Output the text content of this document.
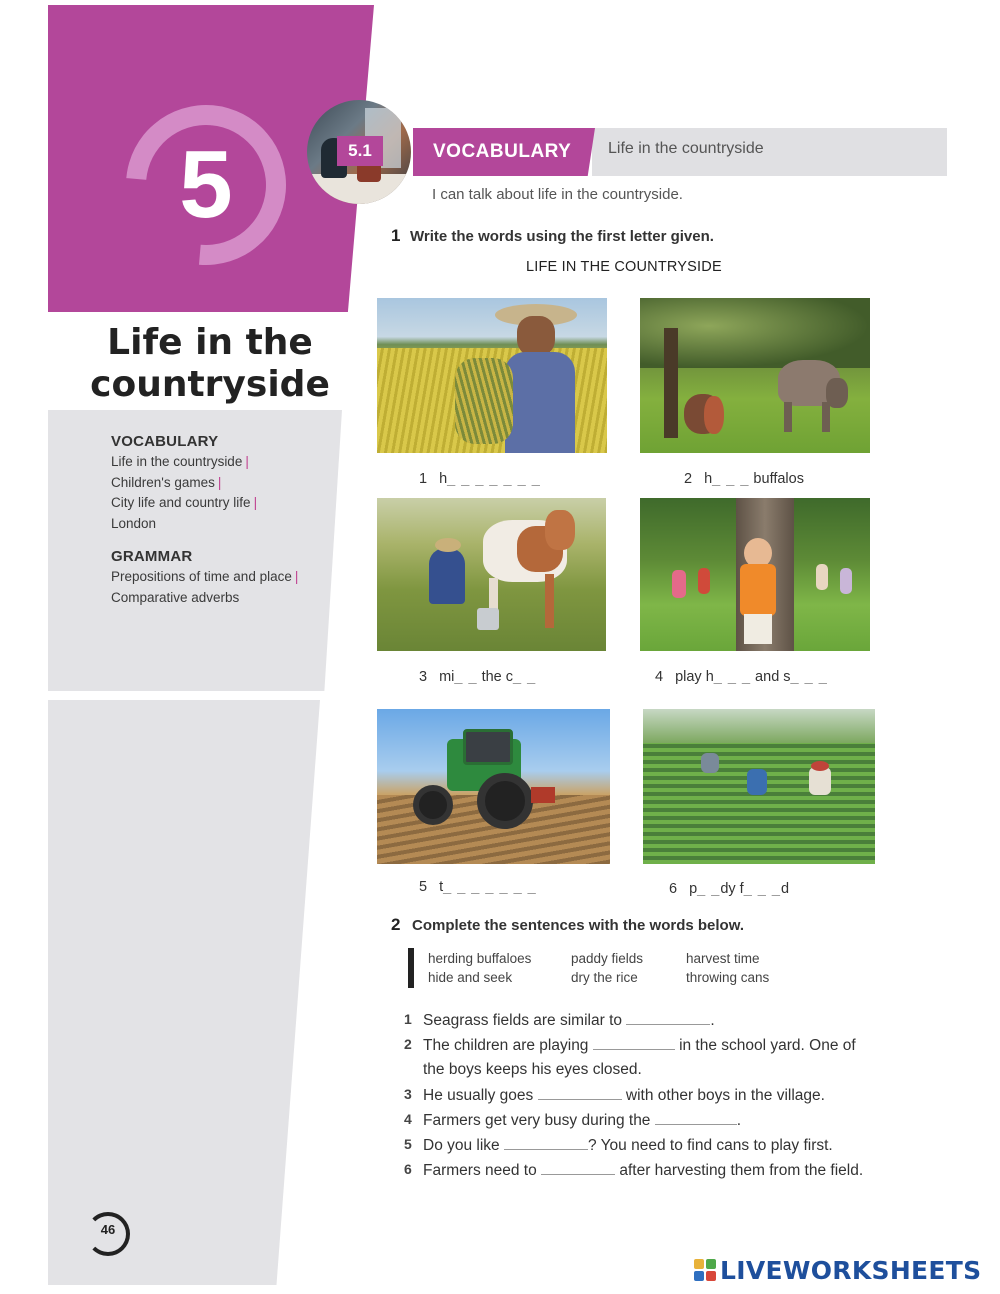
5
Life in the
countryside
VOCABULARY
Life in the countryside |
Children's games |
City life and country life |
London
GRAMMAR
Prepositions of time and place |
Comparative adverbs
46
5.1	VOCABULARY Life in the countryside
I can talk about life in the countryside.
1 Write the words using the first letter given.
LIFE IN THE COUNTRYSIDE
1 h_ _ _ _ _ _ _	2 h_ _ _ buffalos
3 mi_ _ the c_ _	4 play h_ _ _ and s_ _ _
5 t_ _ _ _ _ _ _	6 p_ _dy f_ _ _d
2 Complete the sentences with the words below.
herding buffaloes	paddy fields	harvest time
hide and seek	dry the rice	throwing cans
1 Seagrass fields are similar to	.
2 The children are playing	in the school yard. One of
the boys keeps his eyes closed.
3 He usually goes	with other boys in the village.
4 Farmers get very busy during the	.
5 Do you like	? You need to find cans to play first.
6 Farmers need to	after harvesting them from the field.
LIVEWORKSHEETS
